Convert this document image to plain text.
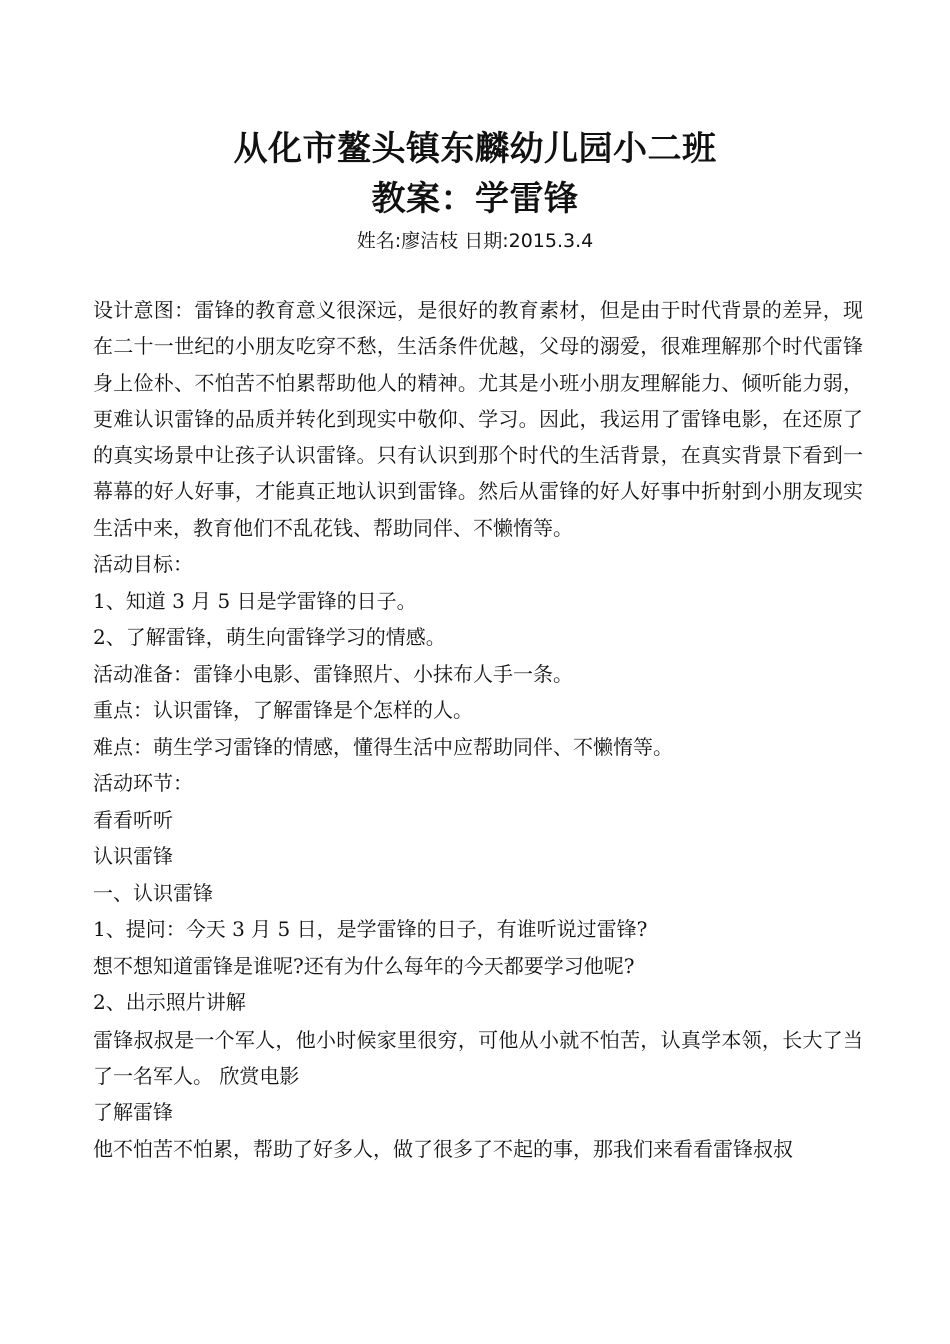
从化市鳌头镇东麟幼儿园小二班
教案：学雷锋
姓名:廖洁枝 日期:2015.3.4

设计意图：雷锋的教育意义很深远，是很好的教育素材，但是由于时代背景的差异，现在二十一世纪的小朋友吃穿不愁，生活条件优越，父母的溺爱，很难理解那个时代雷锋身上俭朴、不怕苦不怕累帮助他人的精神。尤其是小班小朋友理解能力、倾听能力弱，更难认识雷锋的品质并转化到现实中敬仰、学习。因此，我运用了雷锋电影，在还原了的真实场景中让孩子认识雷锋。只有认识到那个时代的生活背景，在真实背景下看到一幕幕的好人好事，才能真正地认识到雷锋。然后从雷锋的好人好事中折射到小朋友现实生活中来，教育他们不乱花钱、帮助同伴、不懒惰等。

活动目标：

1、知道 3 月 5 日是学雷锋的日子。

2、了解雷锋，萌生向雷锋学习的情感。

活动准备：雷锋小电影、雷锋照片、小抹布人手一条。

重点：认识雷锋，了解雷锋是个怎样的人。

难点：萌生学习雷锋的情感，懂得生活中应帮助同伴、不懒惰等。

活动环节：

看看听听

认识雷锋

一、认识雷锋

1、提问：今天 3 月 5 日，是学雷锋的日子，有谁听说过雷锋?

想不想知道雷锋是谁呢?还有为什么每年的今天都要学习他呢?

2、出示照片讲解

雷锋叔叔是一个军人，他小时候家里很穷，可他从小就不怕苦，认真学本领，长大了当了一名军人。 欣赏电影

了解雷锋

他不怕苦不怕累，帮助了好多人，做了很多了不起的事，那我们来看看雷锋叔叔
